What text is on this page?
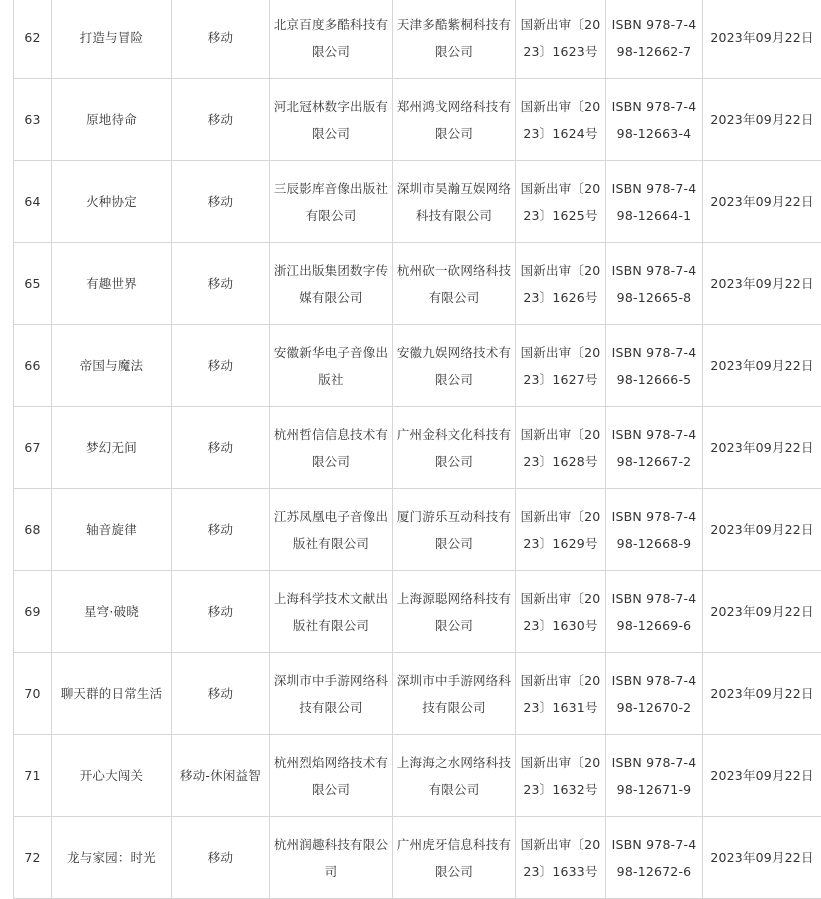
62	打造与冒险	移动	北京百度多酷科技有限公司	天津多酷紫桐科技有限公司	国新出审〔2023〕1623号	ISBN 978-7-498-12662-7	2023年09月22日
63	原地待命	移动	河北冠林数字出版有限公司	郑州鸿戈网络科技有限公司	国新出审〔2023〕1624号	ISBN 978-7-498-12663-4	2023年09月22日
64	火种协定	移动	三辰影库音像出版社有限公司	深圳市昊瀚互娱网络科技有限公司	国新出审〔2023〕1625号	ISBN 978-7-498-12664-1	2023年09月22日
65	有趣世界	移动	浙江出版集团数字传媒有限公司	杭州砍一砍网络科技有限公司	国新出审〔2023〕1626号	ISBN 978-7-498-12665-8	2023年09月22日
66	帝国与魔法	移动	安徽新华电子音像出版社	安徽九娱网络技术有限公司	国新出审〔2023〕1627号	ISBN 978-7-498-12666-5	2023年09月22日
67	梦幻无间	移动	杭州哲信信息技术有限公司	广州金科文化科技有限公司	国新出审〔2023〕1628号	ISBN 978-7-498-12667-2	2023年09月22日
68	轴音旋律	移动	江苏凤凰电子音像出版社有限公司	厦门游乐互动科技有限公司	国新出审〔2023〕1629号	ISBN 978-7-498-12668-9	2023年09月22日
69	星穹·破晓	移动	上海科学技术文献出版社有限公司	上海源聪网络科技有限公司	国新出审〔2023〕1630号	ISBN 978-7-498-12669-6	2023年09月22日
70	聊天群的日常生活	移动	深圳市中手游网络科技有限公司	深圳市中手游网络科技有限公司	国新出审〔2023〕1631号	ISBN 978-7-498-12670-2	2023年09月22日
71	开心大闯关	移动-休闲益智	杭州烈焰网络技术有限公司	上海海之水网络科技有限公司	国新出审〔2023〕1632号	ISBN 978-7-498-12671-9	2023年09月22日
72	龙与家园：时光	移动	杭州润趣科技有限公司	广州虎牙信息科技有限公司	国新出审〔2023〕1633号	ISBN 978-7-498-12672-6	2023年09月22日
